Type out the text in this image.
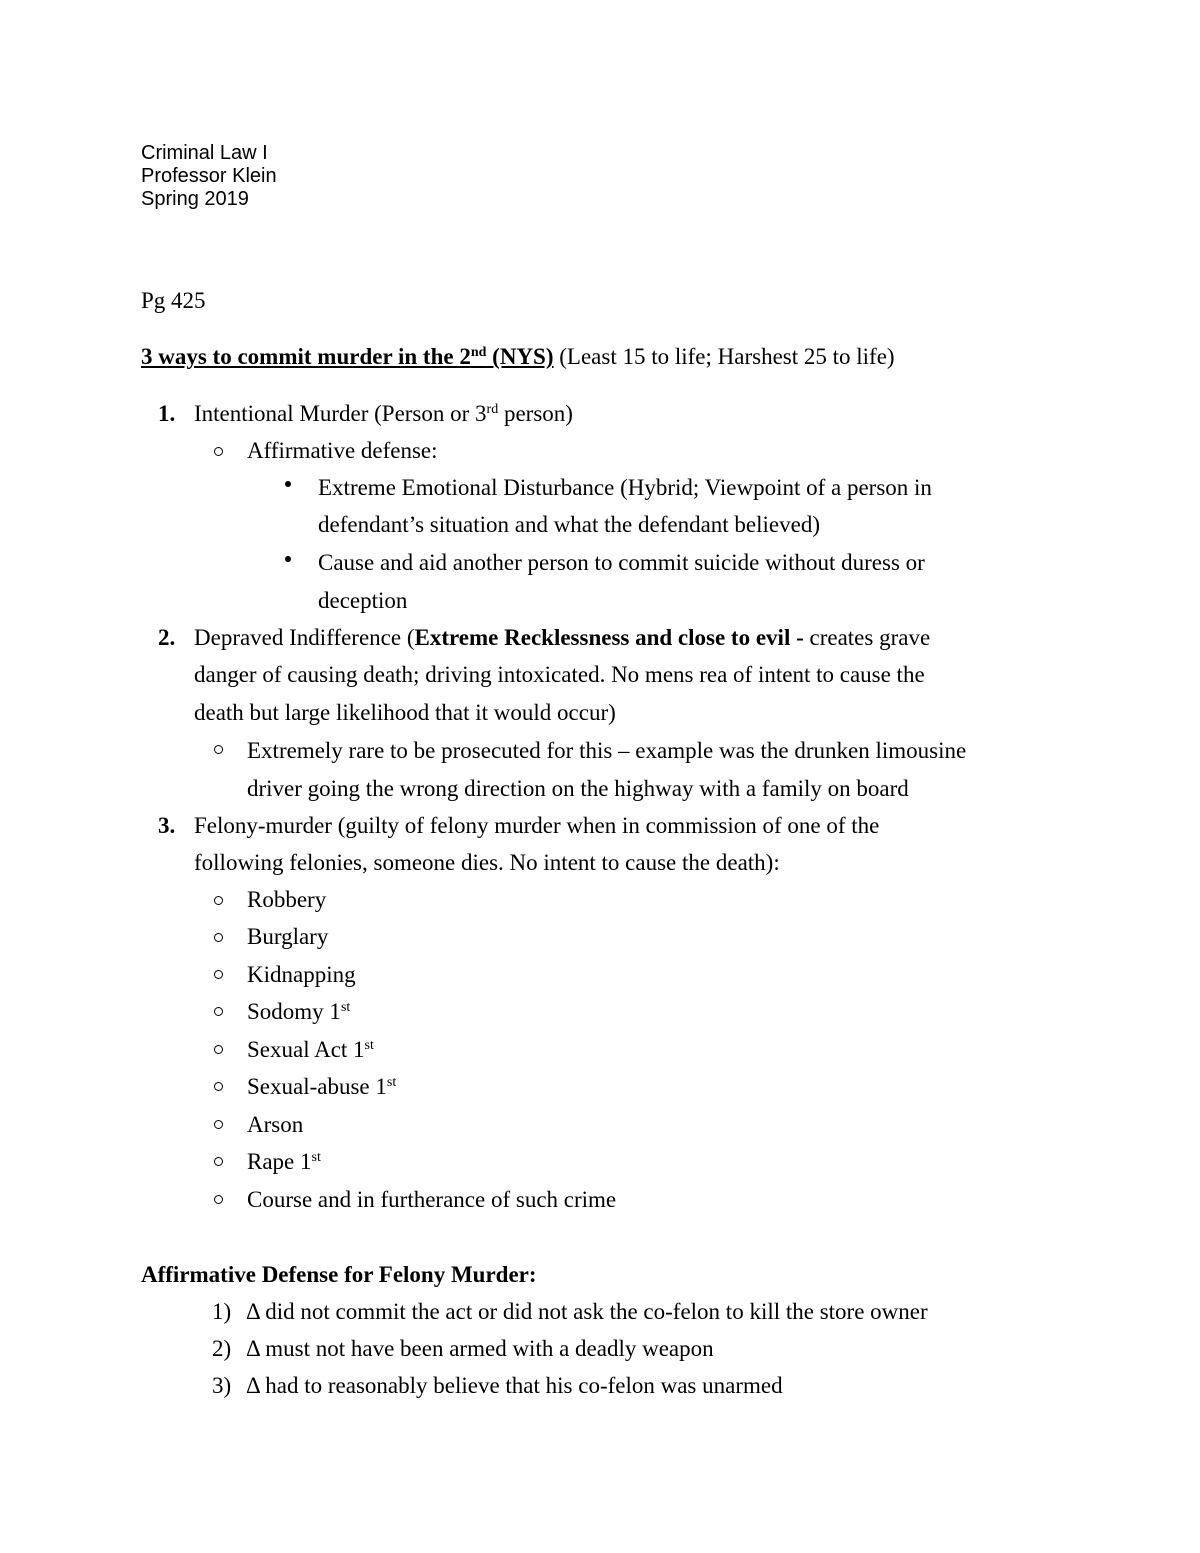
Criminal Law I
Professor Klein
Spring 2019
Pg 425
3 ways to commit murder in the 2nd (NYS) (Least 15 to life; Harshest 25 to life)
1. Intentional Murder (Person or 3rd person)
Affirmative defense:
Extreme Emotional Disturbance (Hybrid; Viewpoint of a person in
defendant’s situation and what the defendant believed)
Cause and aid another person to commit suicide without duress or
deception
2. Depraved Indifference (Extreme Recklessness and close to evil - creates grave
danger of causing death; driving intoxicated. No mens rea of intent to cause the
death but large likelihood that it would occur)
Extremely rare to be prosecuted for this – example was the drunken limousine
driver going the wrong direction on the highway with a family on board
3. Felony-murder (guilty of felony murder when in commission of one of the
following felonies, someone dies. No intent to cause the death):
Robbery
Burglary
Kidnapping
Sodomy 1st
Sexual Act 1st
Sexual-abuse 1st
Arson
Rape 1st
Course and in furtherance of such crime
Affirmative Defense for Felony Murder:
1) Δ did not commit the act or did not ask the co-felon to kill the store owner
2) Δ must not have been armed with a deadly weapon
3) Δ had to reasonably believe that his co-felon was unarmed
